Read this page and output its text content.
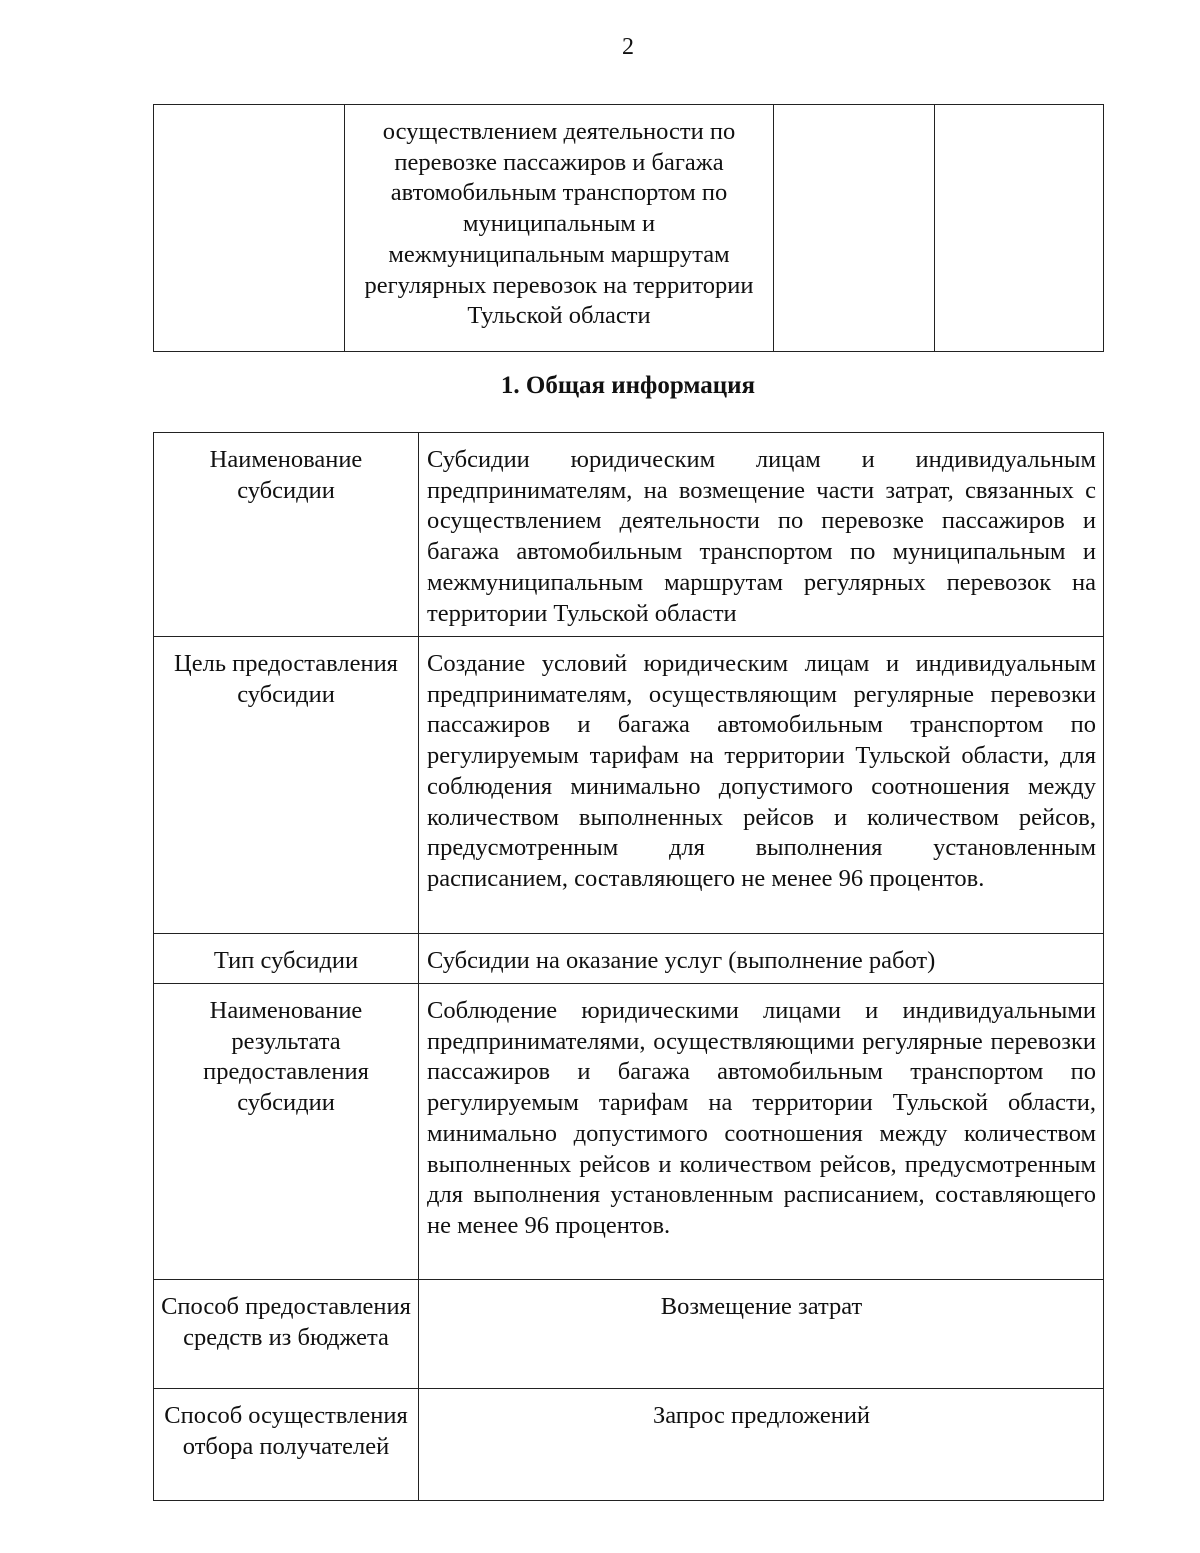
2

осуществлением деятельности по перевозке пассажиров и багажа автомобильным транспортом по муниципальным и межмуниципальным маршрутам регулярных перевозок на территории Тульской области

1. Общая информация
Наименование субсидии	Субсидии юридическим лицам и индивидуальным предпринимателям, на возмещение части затрат, связанных с осуществлением деятельности по перевозке пассажиров и багажа автомобильным транспортом по муниципальным и межмуниципальным маршрутам регулярных перевозок на территории Тульской области
Цель предоставления субсидии	Создание условий юридическим лицам и индивидуальным предпринимателям, осуществляющим регулярные перевозки пассажиров и багажа автомобильным транспортом по регулируемым тарифам на территории Тульской области, для соблюдения минимально допустимого соотношения между количеством выполненных рейсов и количеством рейсов, предусмотренным для выполнения установленным расписанием, составляющего не менее 96 процентов.
Тип субсидии	Субсидии на оказание услуг (выполнение работ)
Наименование результата предоставления субсидии	Соблюдение юридическими лицами и индивидуальными предпринимателями, осуществляющими регулярные перевозки пассажиров и багажа автомобильным транспортом по регулируемым тарифам на территории Тульской области, минимально допустимого соотношения между количеством выполненных рейсов и количеством рейсов, предусмотренным для выполнения установленным расписанием, составляющего не менее 96 процентов.
Способ предоставления средств из бюджета	Возмещение затрат
Способ осуществления отбора получателей	Запрос предложений
